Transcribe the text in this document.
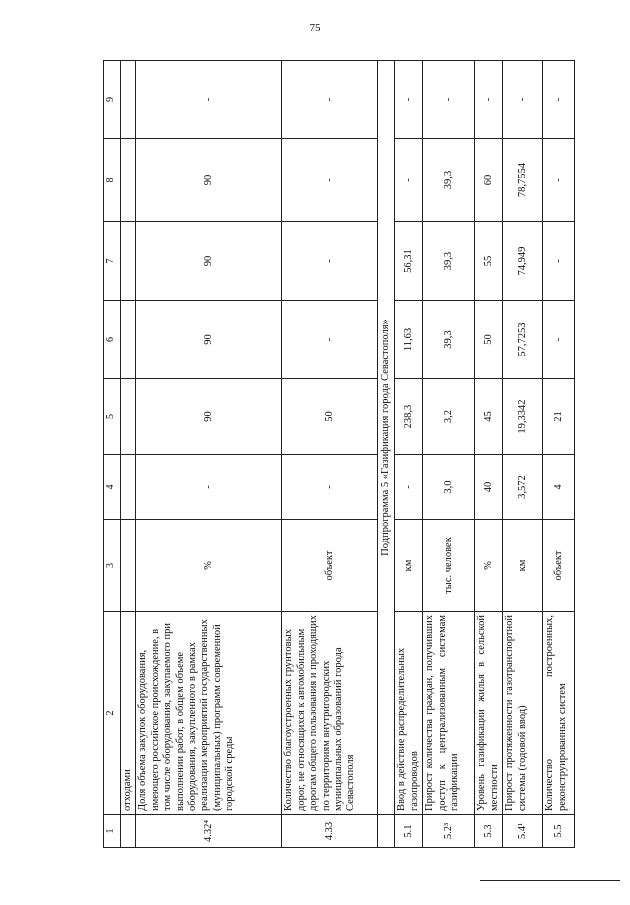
75
1	2	3	4	5	6	7	8	9
	отходами							
4.32⁴	Доля объема закупок оборудования, имеющего российское происхождение, в том числе оборудования, закупаемого при выполнении работ, в общем объеме оборудования, закупленного в рамках реализации мероприятий государственных (муниципальных) программ современной городской среды	%	-	90	90	90	90	-
4.33	Количество благоустроенных грунтовых дорог, не относящихся к автомобильным дорогам общего пользования и проходящих по территориям внутригородских муниципальных образований города Севастополя	объект	-	50	-	-	-	-
	Подпрограмма 5 «Газификация города Севастополя»							
5.1	Ввод в действие распределительных газопроводов	км	-	238,3	11,63	56,31	-	-
5.2³	Прирост количества граждан, получивших доступ к централизованным системам газификации	тыс. человек	3,0	3,2	39,3	39,3	39,3	-
5.3	Уровень газификации жилья в сельской местности	%	40	45	50	55	60	-
5.4¹	Прирост протяженности газотранспортной системы (годовой ввод)	км	3,572	19,3342	57,7253	74,949	78,7554	-
5.5	Количество построенных, реконструированных систем	объект	4	21	-	-	-	-
